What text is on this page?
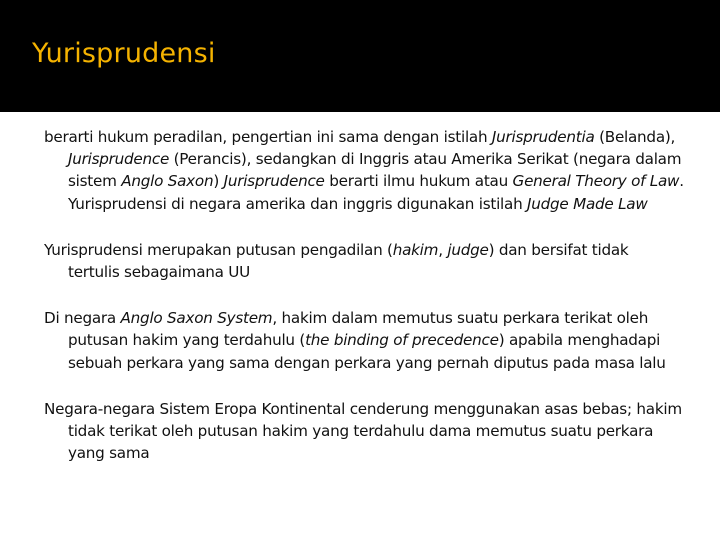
Yurisprudensi

berarti hukum peradilan, pengertian ini sama dengan istilah Jurisprudentia (Belanda), Jurisprudence (Perancis), sedangkan di Inggris atau Amerika Serikat (negara dalam sistem Anglo Saxon) Jurisprudence berarti ilmu hukum atau General Theory of Law. Yurisprudensi di negara amerika dan inggris digunakan istilah Judge Made Law

Yurisprudensi merupakan putusan pengadilan (hakim, judge) dan bersifat tidak tertulis sebagaimana UU

Di negara Anglo Saxon System, hakim dalam memutus suatu perkara terikat oleh putusan hakim yang terdahulu (the binding of precedence) apabila menghadapi sebuah perkara yang sama dengan perkara yang pernah diputus pada masa lalu

Negara-negara Sistem Eropa Kontinental cenderung menggunakan asas bebas; hakim tidak terikat oleh putusan hakim yang terdahulu dama memutus suatu perkara yang sama
